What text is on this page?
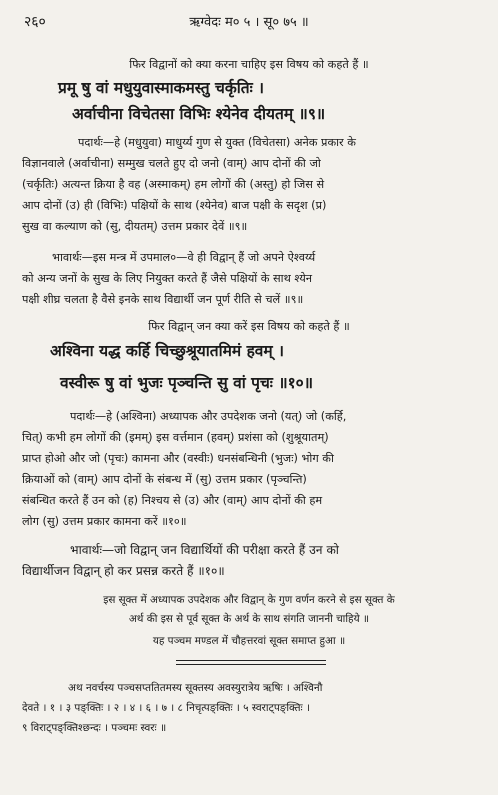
२६०	ऋग्वेदः म० ५ । सू० ७५ ॥
फिर विद्वानों को क्या करना चाहिए इस विषय को कहते हैं ॥
प्रमू षु वां मधुयुवास्माकमस्तु चर्कृतिः ।
अर्वाचीना विचेतसा विभिः श्येनेव दीयतम् ॥९॥
पदार्थः—हे (मधुयुवा) माधुर्य्य गुण से युक्त (विचेतसा) अनेक प्रकार के
विज्ञानवाले (अर्वाचीना) सम्मुख चलते हुए दो जनो (वाम्) आप दोनों की जो
(चर्कृतिः) अत्यन्त क्रिया है वह (अस्माकम्) हम लोगों की (अस्तु) हो जिस से
आप दोनों (उ) ही (विभिः) पक्षियों के साथ (श्येनेव) बाज पक्षी के सदृश (प्र)
सुख वा कल्याण को (सु, दीयतम्) उत्तम प्रकार देवें ॥९॥
भावार्थः—इस मन्त्र में उपमाल०—वे ही विद्वान् हैं जो अपने ऐश्वर्य्य
को अन्य जनों के सुख के लिए नियुक्त करते हैं जैसे पक्षियों के साथ श्येन
पक्षी शीघ्र चलता है वैसे इनके साथ विद्यार्थी जन पूर्ण रीति से चलें ॥९॥
फिर विद्वान् जन क्या करें इस विषय को कहते हैं ॥
अश्विना यद्ध कर्हि चिच्छुश्रूयातमिमं हवम् ।
वस्वीरू षु वां भुजः पृञ्चन्ति सु वां पृचः ॥१०॥
पदार्थः—हे (अश्विना) अध्यापक और उपदेशक जनो (यत्) जो (कर्हि,
चित्) कभी हम लोगों की (इमम्) इस वर्त्तमान (हवम्) प्रशंसा को (शुश्रूयातम्)
प्राप्त होओ और जो (पृचः) कामना और (वस्वीः) धनसंबन्धिनी (भुजः) भोग की
क्रियाओं को (वाम्) आप दोनों के संबन्ध में (सु) उत्तम प्रकार (पृञ्चन्ति)
संबन्धित करते हैं उन को (ह) निश्चय से (उ) और (वाम्) आप दोनों की हम
लोग (सु) उत्तम प्रकार कामना करें ॥१०॥
भावार्थः—जो विद्वान् जन विद्यार्थियों की परीक्षा करते हैं उन को
विद्यार्थीजन विद्वान् हो कर प्रसन्न करते हैं ॥१०॥
इस सूक्त में अध्यापक उपदेशक और विद्वान् के गुण वर्णन करने से इस सूक्त के
अर्थ की इस से पूर्व सूक्त के अर्थ के साथ संगति जाननी चाहिये ॥
यह पञ्चम मण्डल में चौहत्तरवां सूक्त समाप्त हुआ ॥
अथ नवर्चस्य पञ्चसप्ततितमस्य सूक्तस्य अवस्युरात्रेय ऋषिः । अश्विनौ
देवते । १ । ३ पङ्क्तिः । २ । ४ । ६ । ७ । ८ निचृत्पङ्क्तिः । ५ स्वराट्पङ्क्तिः ।
९ विराट्पङ्क्तिश्छन्दः । पञ्चमः स्वरः ॥
